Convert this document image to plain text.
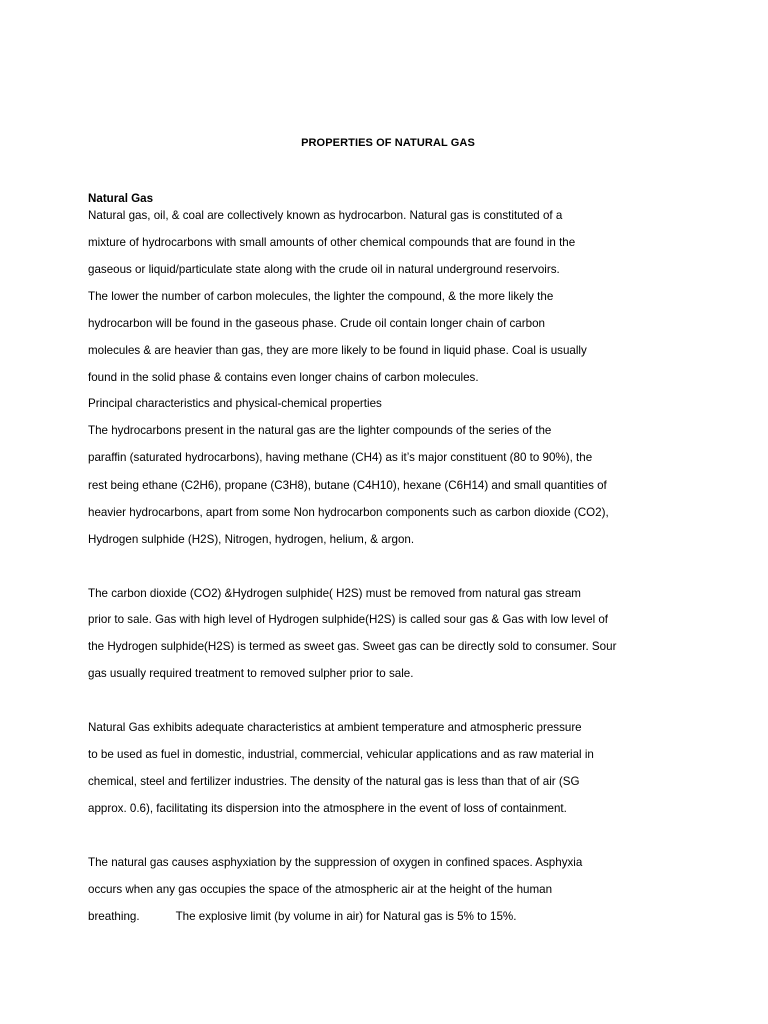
PROPERTIES OF NATURAL GAS
Natural Gas
Natural gas, oil, & coal are collectively known as hydrocarbon. Natural gas is constituted of a
mixture of hydrocarbons with small amounts of other chemical compounds that are found in the
gaseous or liquid/particulate state along with the crude oil in natural underground reservoirs.
The lower the number of carbon molecules, the lighter the compound, & the more likely the
hydrocarbon will be found in the gaseous phase. Crude oil contain longer chain of carbon
molecules & are heavier than gas, they are more likely to be found in liquid phase. Coal is usually
found in the solid phase & contains even longer chains of carbon molecules.
Principal characteristics and physical-chemical properties
The hydrocarbons present in the natural gas are the lighter compounds of the series of the
paraffin (saturated hydrocarbons), having methane (CH4) as it’s major constituent (80 to 90%), the
rest being ethane (C2H6), propane (C3H8), butane (C4H10), hexane (C6H14) and small quantities of
heavier hydrocarbons, apart from some Non hydrocarbon components such as carbon dioxide (CO2),
Hydrogen sulphide (H2S), Nitrogen, hydrogen, helium, & argon.
The carbon dioxide (CO2) &Hydrogen sulphide( H2S) must be removed from natural gas stream
prior to sale. Gas with high level of Hydrogen sulphide(H2S) is called sour gas & Gas with low level of
the Hydrogen sulphide(H2S) is termed as sweet gas. Sweet gas can be directly sold to consumer. Sour
gas usually required treatment to removed sulpher prior to sale.
Natural Gas exhibits adequate characteristics at ambient temperature and atmospheric pressure
to be used as fuel in domestic, industrial, commercial, vehicular applications and as raw material in
chemical, steel and fertilizer industries. The density of the natural gas is less than that of air (SG
approx. 0.6), facilitating its dispersion into the atmosphere in the event of loss of containment.
The natural gas causes asphyxiation by the suppression of oxygen in confined spaces. Asphyxia
occurs when any gas occupies the space of the atmospheric air at the height of the human
breathing.	The explosive limit (by volume in air) for Natural gas is 5% to 15%.
